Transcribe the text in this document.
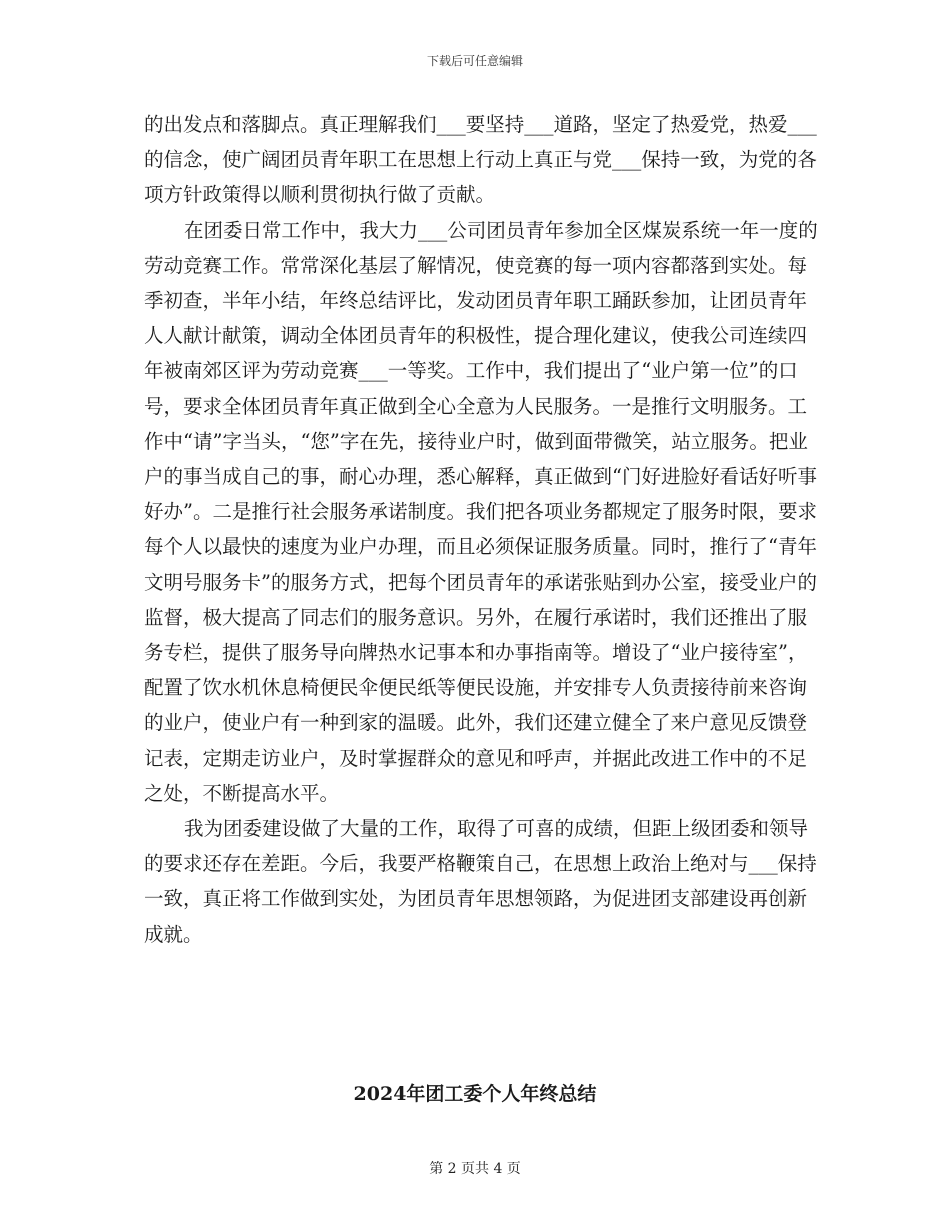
下载后可任意编辑

的出发点和落脚点。真正理解我们___要坚持___道路，坚定了热爱党，热爱___的信念，使广阔团员青年职工在思想上行动上真正与党___保持一致，为党的各项方针政策得以顺利贯彻执行做了贡献。

在团委日常工作中，我大力___公司团员青年参加全区煤炭系统一年一度的劳动竞赛工作。常常深化基层了解情况，使竞赛的每一项内容都落到实处。每季初查，半年小结，年终总结评比，发动团员青年职工踊跃参加，让团员青年人人献计献策，调动全体团员青年的积极性，提合理化建议，使我公司连续四年被南郊区评为劳动竞赛___一等奖。工作中，我们提出了“业户第一位”的口号，要求全体团员青年真正做到全心全意为人民服务。一是推行文明服务。工作中“请”字当头，“您”字在先，接待业户时，做到面带微笑，站立服务。把业户的事当成自己的事，耐心办理，悉心解释，真正做到“门好进脸好看话好听事好办”。二是推行社会服务承诺制度。我们把各项业务都规定了服务时限，要求每个人以最快的速度为业户办理，而且必须保证服务质量。同时，推行了“青年文明号服务卡”的服务方式，把每个团员青年的承诺张贴到办公室，接受业户的监督，极大提高了同志们的服务意识。另外，在履行承诺时，我们还推出了服务专栏，提供了服务导向牌热水记事本和办事指南等。增设了“业户接待室”，配置了饮水机休息椅便民伞便民纸等便民设施，并安排专人负责接待前来咨询的业户，使业户有一种到家的温暖。此外，我们还建立健全了来户意见反馈登记表，定期走访业户，及时掌握群众的意见和呼声，并据此改进工作中的不足之处，不断提高水平。

我为团委建设做了大量的工作，取得了可喜的成绩，但距上级团委和领导的要求还存在差距。今后，我要严格鞭策自己，在思想上政治上绝对与___保持一致，真正将工作做到实处，为团员青年思想领路，为促进团支部建设再创新成就。

2024年团工委个人年终总结
第 2 页共 4 页
